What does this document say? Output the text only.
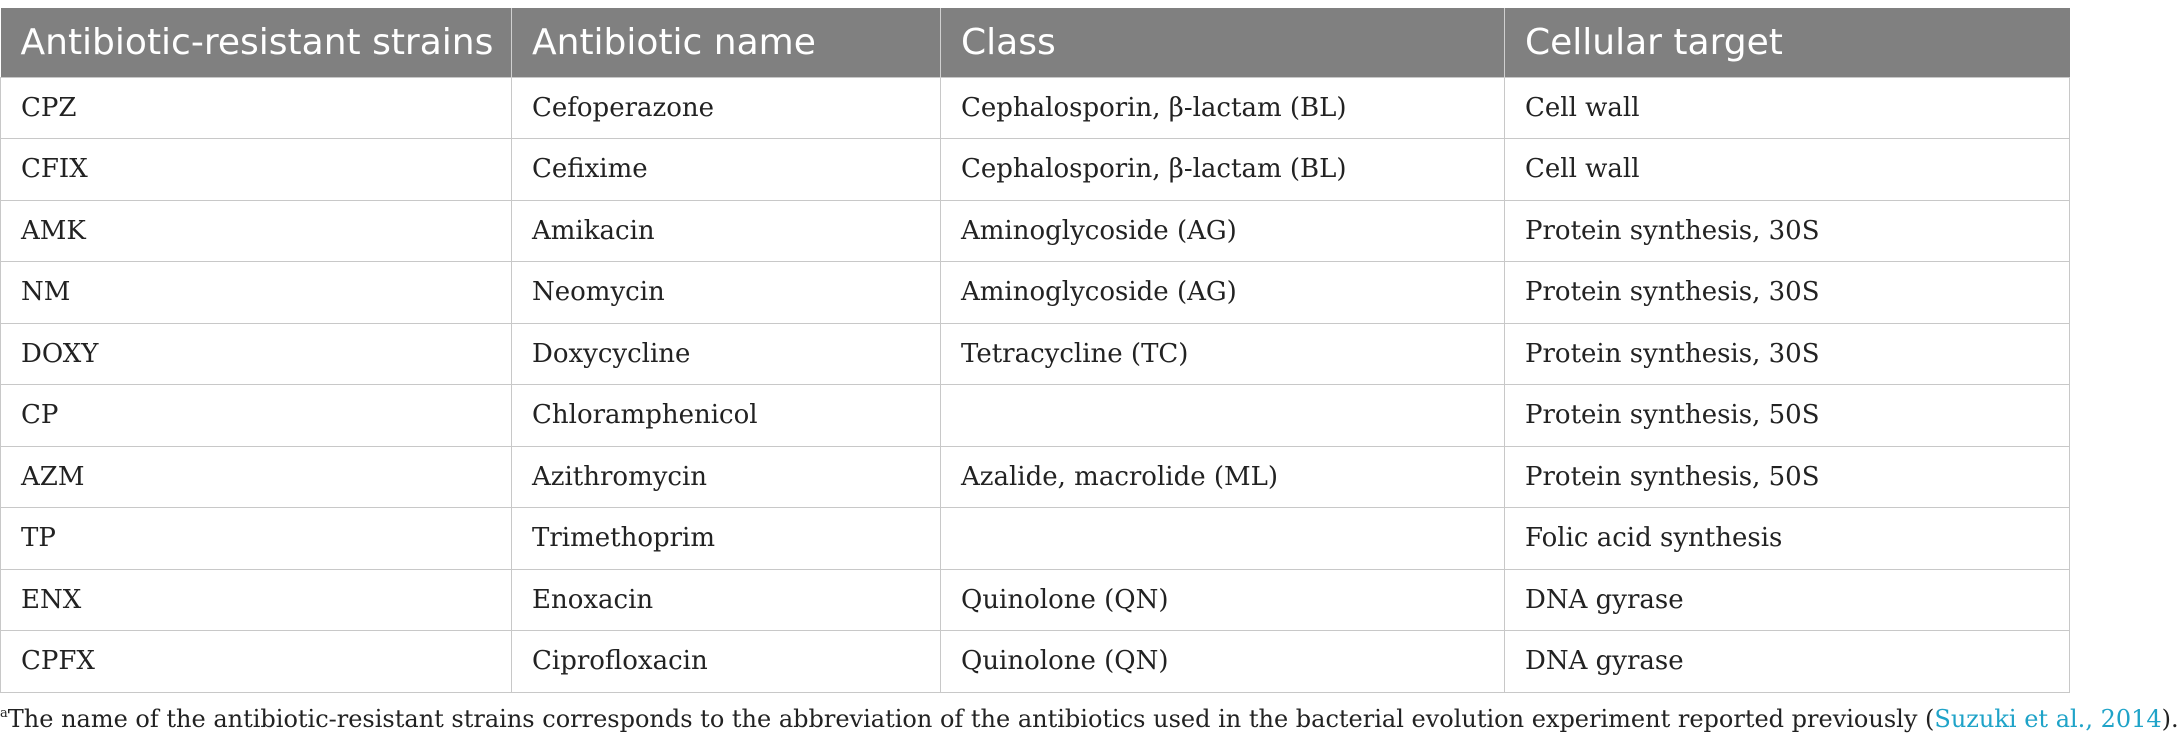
Antibiotic-resistant strains	Antibiotic name	Class	Cellular target
CPZ	Cefoperazone	Cephalosporin, β-lactam (BL)	Cell wall
CFIX	Cefixime	Cephalosporin, β-lactam (BL)	Cell wall
AMK	Amikacin	Aminoglycoside (AG)	Protein synthesis, 30S
NM	Neomycin	Aminoglycoside (AG)	Protein synthesis, 30S
DOXY	Doxycycline	Tetracycline (TC)	Protein synthesis, 30S
CP	Chloramphenicol		Protein synthesis, 50S
AZM	Azithromycin	Azalide, macrolide (ML)	Protein synthesis, 50S
TP	Trimethoprim		Folic acid synthesis
ENX	Enoxacin	Quinolone (QN)	DNA gyrase
CPFX	Ciprofloxacin	Quinolone (QN)	DNA gyrase
$^a$The name of the antibiotic-resistant strains corresponds to the abbreviation of the antibiotics used in the bacterial evolution experiment reported previously (Suzuki et al., 2014).
